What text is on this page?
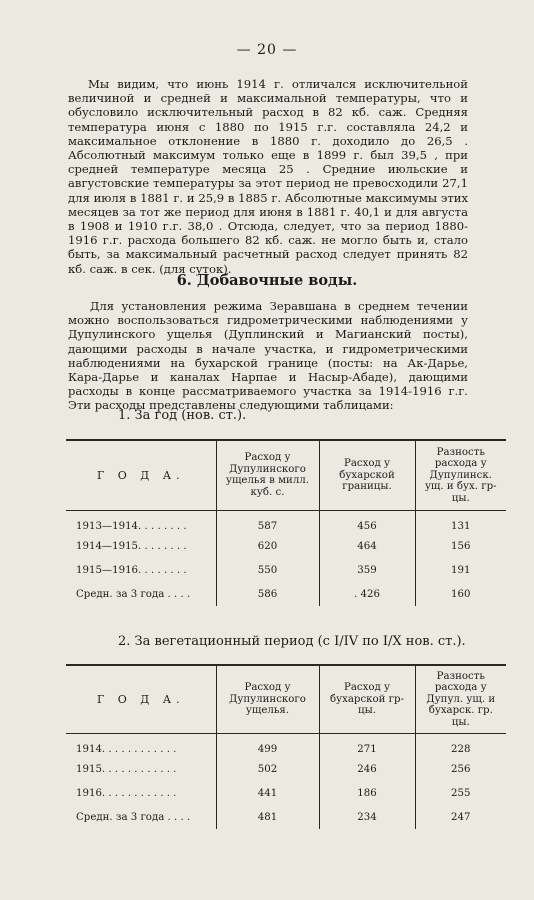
— 20 —

Мы видим, что июнь 1914 г. отличался исключительной величиной и средней и максимальной температуры, что и обусловило исключительный расход в 82 кб. саж. Средняя температура июня с 1880 по 1915 г.г. составляла 24,2 и максимальное отклонение в 1880 г. доходило до 26,5 . Абсолютный максимум только еще в 1899 г. был 39,5 , при средней температуре месяца 25 . Средние июльские и августовские температуры за этот период не превосходили 27,1 для июля в 1881 г. и 25,9 в 1885 г. Абсолютные максимумы этих месяцев за тот же период для июня в 1881 г. 40,1 и для августа в 1908 и 1910 г.г. 38,0 . Отсюда, следует, что за период 1880-1916 г.г. расхода большего 82 кб. саж. не могло быть и, стало быть, за максимальный расчетный расход следует принять 82 кб. саж. в сек. (для суток).

6. Добавочные воды.

Для установления режима Зеравшана в среднем течении можно воспользоваться гидрометрическими наблюдениями у Дупулинского ущелья (Дуплинский и Магианский посты), дающими расходы в начале участка, и гидрометрическими наблюдениями на бухарской границе (посты: на Ак-Дарье, Кара-Дарье и каналах Нарпае и Насыр-Абаде), дающими расходы в конце рассматриваемого участка за 1914-1916 г.г. Эти расходы представлены следующими таблицами:

1. За год (нов. ст.).
Г О Д А.	Расход у Дупулинского ущелья в милл. куб. с.	Расход у бухарской границы.	Разность расхода у Дупулинск. ущ. и бух. гр-цы.
1913—1914. . . . . . . .	587	456	131
1914—1915. . . . . . . .	620	464	156
1915—1916. . . . . . . .	550	359	191
Средн. за 3 года . . . .	586	. 426	160
2. За вегетационный период (с I/IV по I/X нов. ст.).
Г О Д А.	Расход у Дупулинского ущелья.	Расход у бухарской гр-цы.	Разность расхода у Дупул. ущ. и бухарск. гр. цы.
1914. . . . . . . . . . . .	499	271	228
1915. . . . . . . . . . . .	502	246	256
1916. . . . . . . . . . . .	441	186	255
Средн. за 3 года . . . .	481	234	247
